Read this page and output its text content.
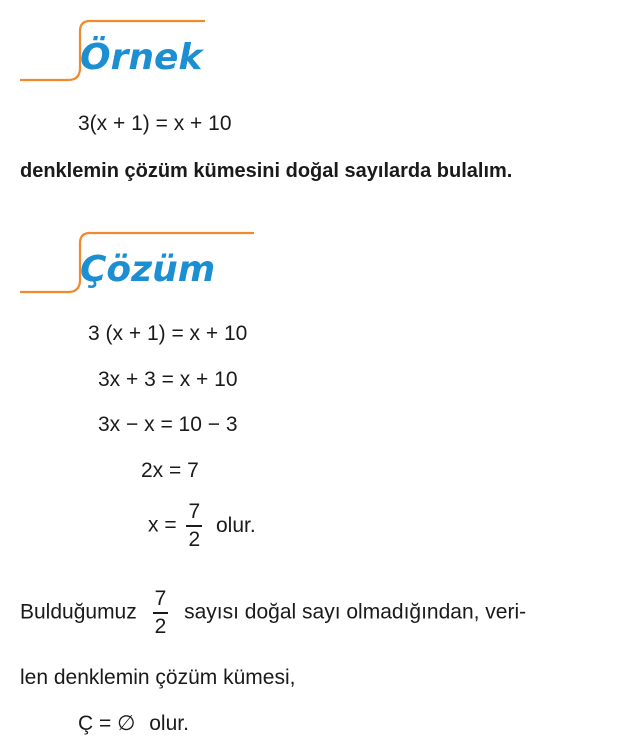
Örnek
3(x + 1) = x + 10
denklemin çözüm kümesini doğal sayılarda bulalım.
Çözüm
3 (x + 1) = x + 10
3x + 3 = x + 10
3x − x = 10 − 3
2x = 7
$x = \frac{7}{2}$ olur.
Bulduğumuz $\frac{7}{2}$ sayısı doğal sayı olmadığından, veri-
len denklemin çözüm kümesi,
Ç = ∅ olur.
